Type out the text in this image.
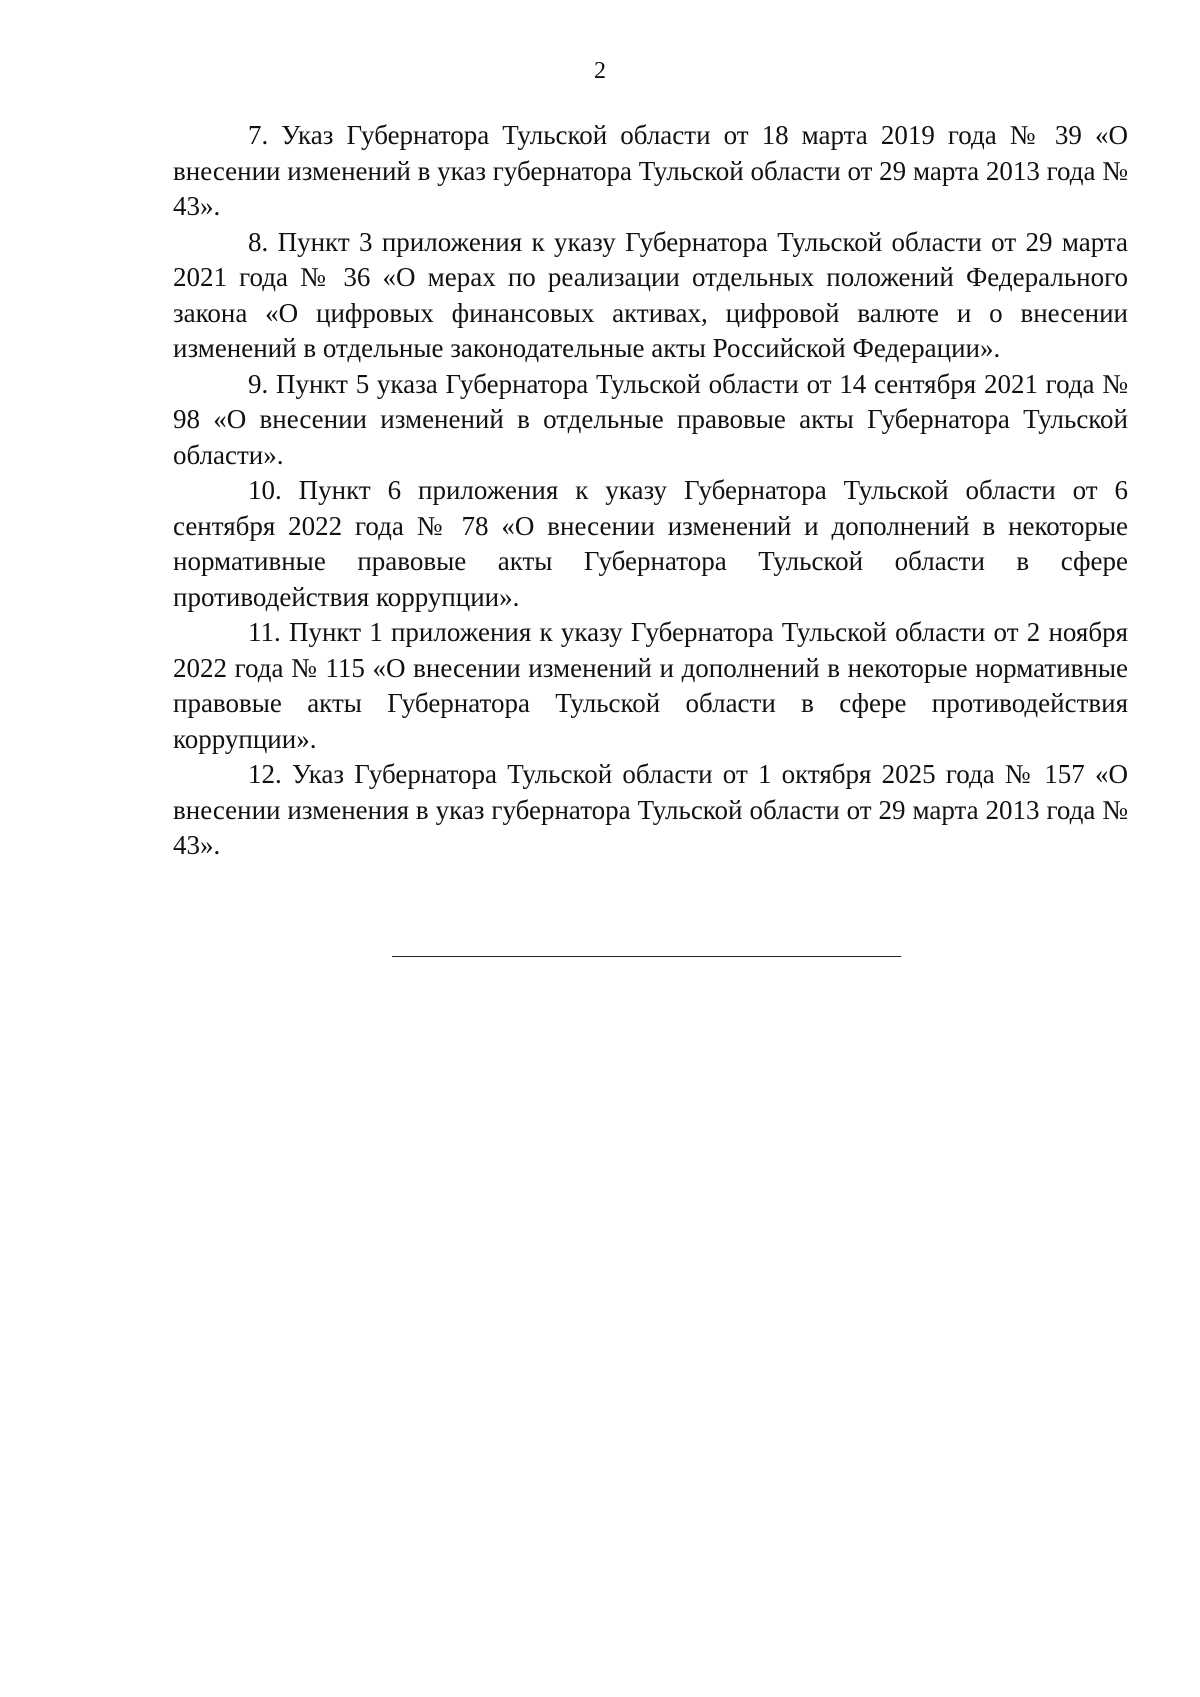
2

7. Указ Губернатора Тульской области от 18 марта 2019 года № 39 «О внесении изменений в указ губернатора Тульской области от 29 марта 2013 года № 43».

8. Пункт 3 приложения к указу Губернатора Тульской области от 29 марта 2021 года № 36 «О мерах по реализации отдельных положений Федерального закона «О цифровых финансовых активах, цифровой валюте и о внесении изменений в отдельные законодательные акты Российской Федерации».

9. Пункт 5 указа Губернатора Тульской области от 14 сентября 2021 года № 98 «О внесении изменений в отдельные правовые акты Губернатора Тульской области».

10. Пункт 6 приложения к указу Губернатора Тульской области от 6 сентября 2022 года № 78 «О внесении изменений и дополнений в некоторые нормативные правовые акты Губернатора Тульской области в сфере противодействия коррупции».

11. Пункт 1 приложения к указу Губернатора Тульской области от 2 ноября 2022 года № 115 «О внесении изменений и дополнений в некоторые нормативные правовые акты Губернатора Тульской области в сфере противодействия коррупции».

12. Указ Губернатора Тульской области от 1 октября 2025 года № 157 «О внесении изменения в указ губернатора Тульской области от 29 марта 2013 года № 43».
